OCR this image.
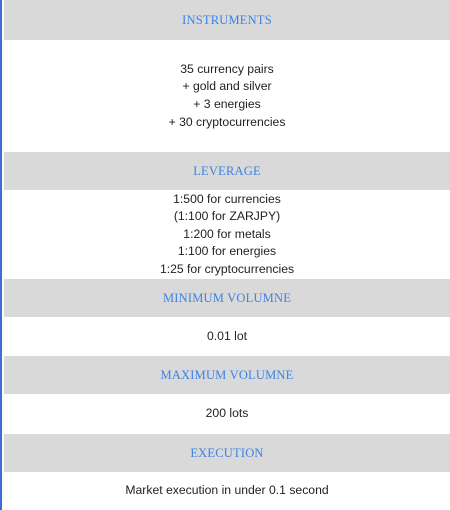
INSTRUMENTS
35 currency pairs
+ gold and silver
+ 3 energies
+ 30 cryptocurrencies
LEVERAGE
1:500 for currencies
(1:100 for ZARJPY)
1:200 for metals
1:100 for energies
1:25 for cryptocurrencies
MINIMUM VOLUMNE
0.01 lot
MAXIMUM VOLUMNE
200 lots
EXECUTION
Market execution in under 0.1 second
